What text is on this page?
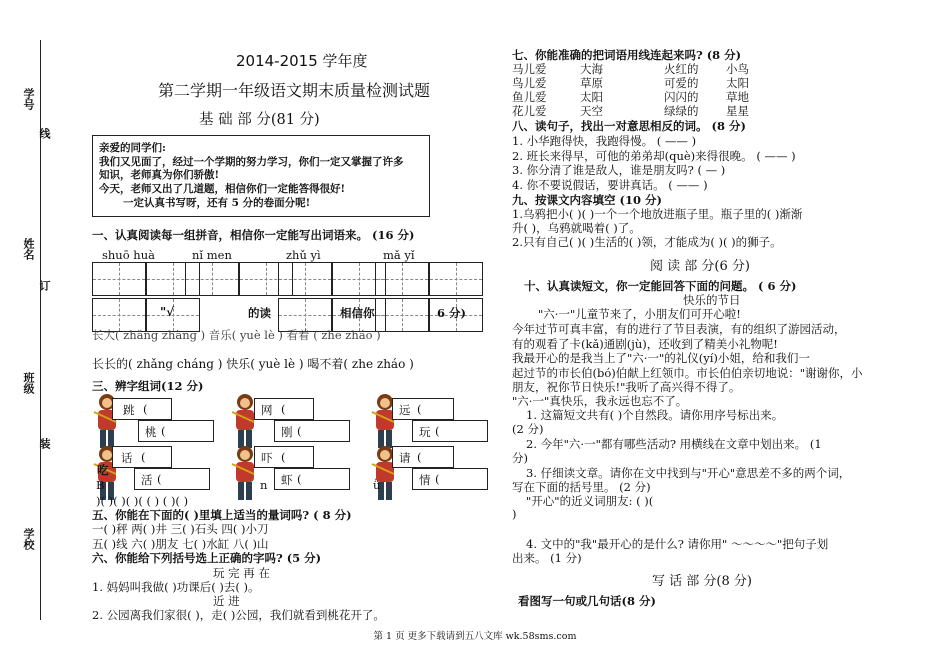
学号
线
姓名
订
班级
装
学校
2014-2015 学年度
第二学期一年级语文期末质量检测试题
基 础 部 分(81 分)
亲爱的同学们:
我们又见面了，经过一个学期的努力学习，你们一定又掌握了许多
知识，老师真为你们骄傲!
今天，老师又出了几道题，相信你们一定能答得很好!
一定认真书写呀，还有 5 分的卷面分呢!
一、认真阅读每一组拼音，相信你一定能写出词语来。 (16 分)
shuō huà	nǐ men	zhǔ yì	mǎ yǐ
"√	的读	相信你	6 分)
长大( zhǎng zhàng ) 音乐( yuè lè ) 看着 ( zhe zháo )
长长的( zhǎng cháng ) 快乐( yuè lè ) 喝不着( zhe zháo )
三、辨字组词(12 分)
跳 (
桃 (
网 (
刚 (
远 (
玩 (
话 (
活 (
吓 (
虾 (
请 (
情 (
吃
B	n	ǜ
)( )( )( )( ( ) ( )( )
五、你能在下面的( )里填上适当的量词吗? ( 8 分)
一( )秤 两( )井 三( )石头 四( )小刀
五( )线 六( )朋友 七( )水缸 八( )山
六、你能给下列括号选上正确的字吗? (5 分)
玩 完 再 在
1. 妈妈叫我做( )功课后( )去( )。
近 进
2. 公园离我们家很( )，走( )公园，我们就看到桃花开了。
七、你能准确的把词语用线连起来吗? (8 分)
马儿爱	大海	火红的 小鸟
鸟儿爱	草原	可爱的 太阳
鱼儿爱	太阳	闪闪的 草地
花儿爱	天空	绿绿的 星星
八、读句子，找出一对意思相反的词。 (8 分)
1. 小华跑得快，我跑得慢。 ( —— )
2. 班长来得早，可他的弟弟却(què)来得很晚。 ( —— )
3. 你分清了谁是敌人，谁是朋友吗? ( — )
4. 你不要说假话，要讲真话。 ( —— )
九、按课文内容填空 (10 分)
1.乌鸦把小( )( )一个一个地放进瓶子里。瓶子里的( )渐渐
升( )，乌鸦就喝着( )了。
2.只有自己( )( )生活的( )领，才能成为( )( )的狮子。
阅 读 部 分(6 分)
十、认真读短文，你一定能回答下面的问题。 ( 6 分)
快乐的节日
"六·一"儿童节来了，小朋友们可开心啦!
今年过节可真丰富，有的进行了节目表演，有的组织了游园活动，
有的观看了卡(kǎ)通剧(jù)，还收到了精美小礼物呢!
我最开心的是我当上了"六·一"的礼仪(yí)小姐，给和我们一
起过节的市长伯(bó)伯献上红领巾。市长伯伯亲切地说："谢谢你，小
朋友，祝你节日快乐!"我听了高兴得不得了。
"六·一"真快乐，我永远也忘不了。
1. 这篇短文共有( )个自然段。请你用序号标出来。
(2 分)
2. 今年"六·一"都有哪些活动? 用横线在文章中划出来。 (1
分)
3. 仔细读文章。请你在文中找到与"开心"意思差不多的两个词，
写在下面的括号里。 (2 分)
"开心"的近义词朋友: ( )(
)
4. 文中的"我"最开心的是什么? 请你用" ～～～～"把句子划
出来。 (1 分)
写 话 部 分(8 分)
看图写一句或几句话(8 分)
第 1 页 更多下载请到五八文库 wk.58sms.com
